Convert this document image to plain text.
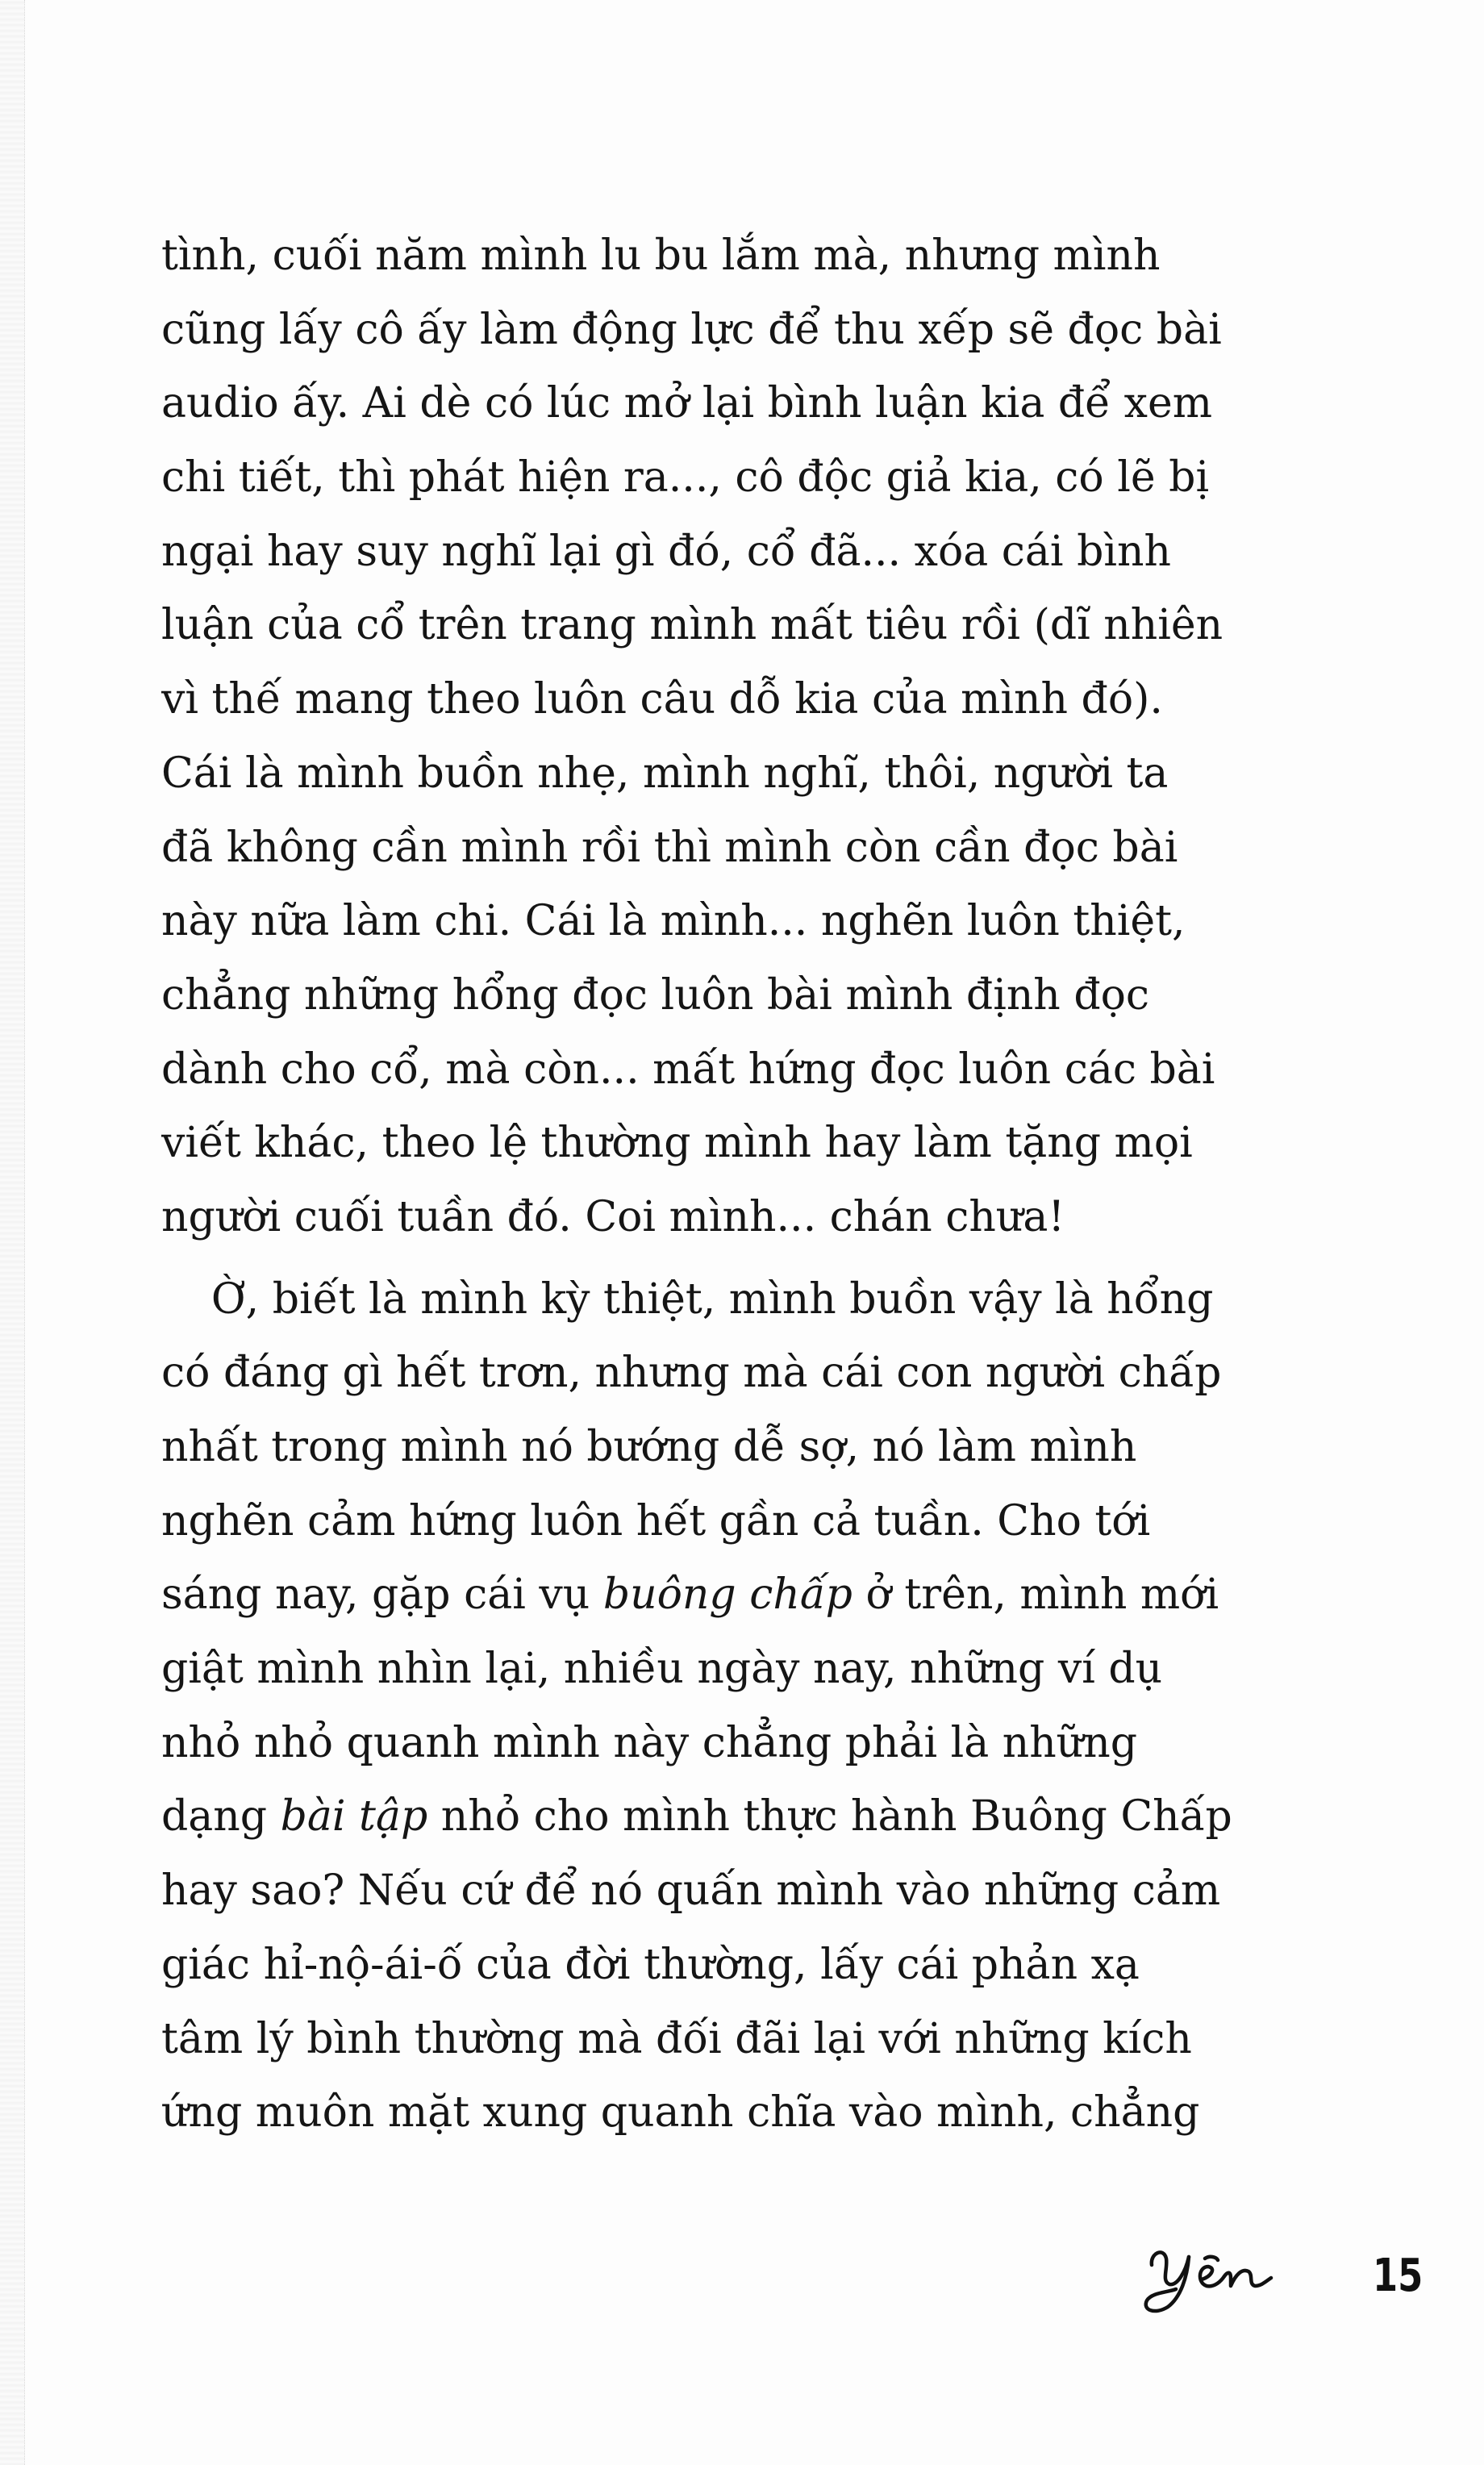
tình, cuối năm mình lu bu lắm mà, nhưng mình
cũng lấy cô ấy làm động lực để thu xếp sẽ đọc bài
audio ấy. Ai dè có lúc mở lại bình luận kia để xem
chi tiết, thì phát hiện ra..., cô độc giả kia, có lẽ bị
ngại hay suy nghĩ lại gì đó, cổ đã... xóa cái bình
luận của cổ trên trang mình mất tiêu rồi (dĩ nhiên
vì thế mang theo luôn câu dỗ kia của mình đó).
Cái là mình buồn nhẹ, mình nghĩ, thôi, người ta
đã không cần mình rồi thì mình còn cần đọc bài
này nữa làm chi. Cái là mình... nghẽn luôn thiệt,
chẳng những hổng đọc luôn bài mình định đọc
dành cho cổ, mà còn... mất hứng đọc luôn các bài
viết khác, theo lệ thường mình hay làm tặng mọi
người cuối tuần đó. Coi mình... chán chưa!
Ờ, biết là mình kỳ thiệt, mình buồn vậy là hổng
có đáng gì hết trơn, nhưng mà cái con người chấp
nhất trong mình nó bướng dễ sợ, nó làm mình
nghẽn cảm hứng luôn hết gần cả tuần. Cho tới
sáng nay, gặp cái vụ buông chấp ở trên, mình mới
giật mình nhìn lại, nhiều ngày nay, những ví dụ
nhỏ nhỏ quanh mình này chẳng phải là những
dạng bài tập nhỏ cho mình thực hành Buông Chấp
hay sao? Nếu cứ để nó quấn mình vào những cảm
giác hỉ-nộ-ái-ố của đời thường, lấy cái phản xạ
tâm lý bình thường mà đối đãi lại với những kích
ứng muôn mặt xung quanh chĩa vào mình, chẳng
15
